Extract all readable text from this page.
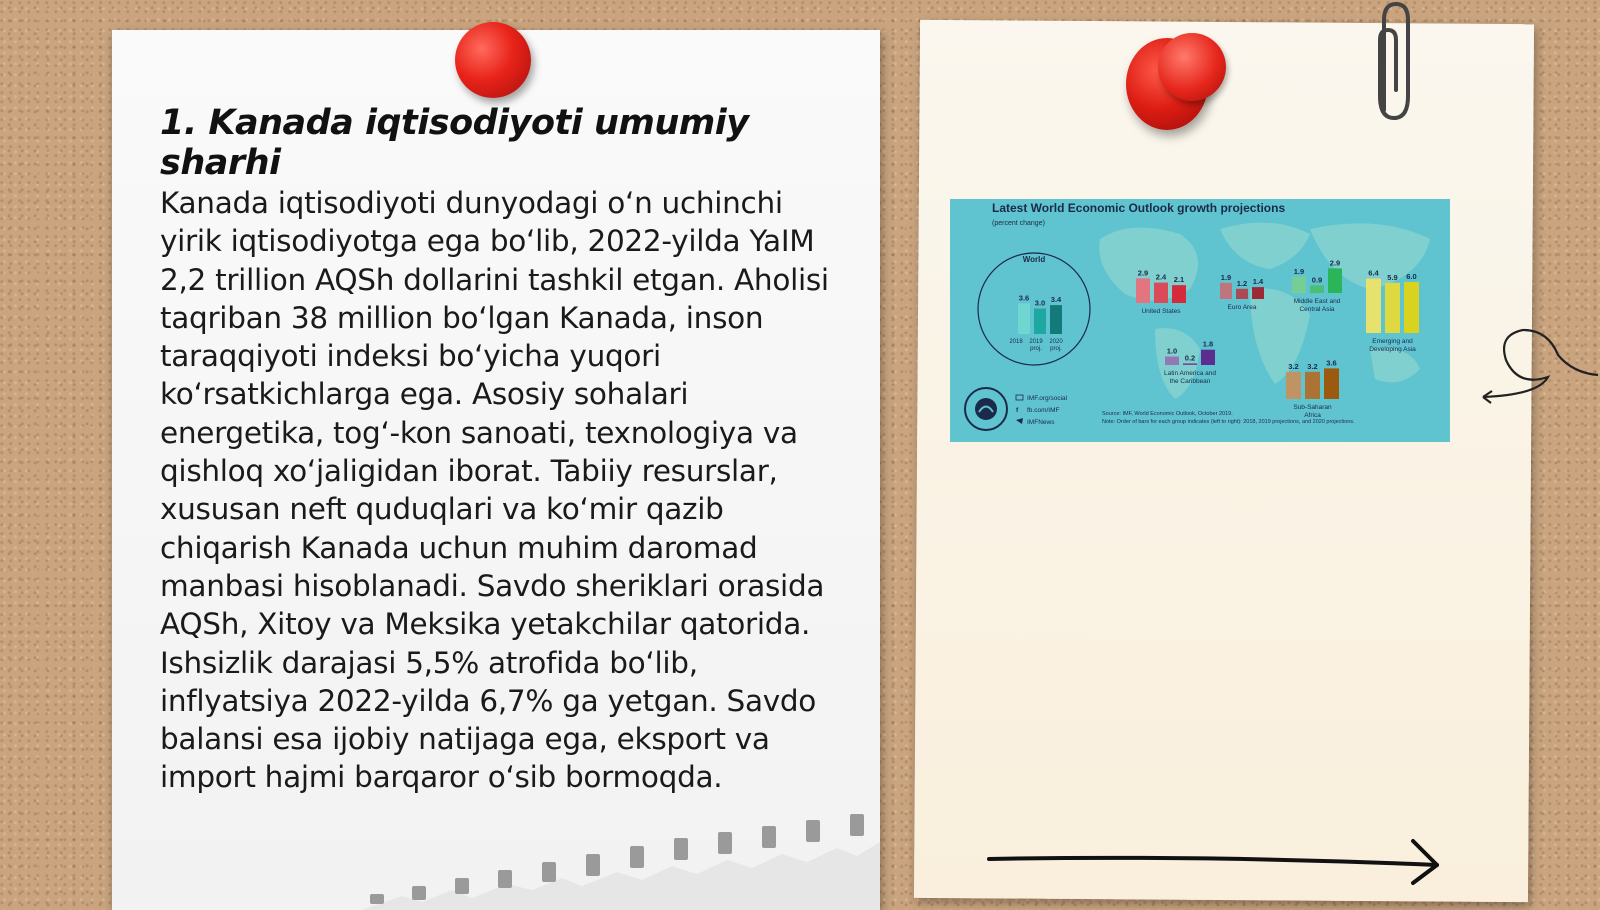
1. Kanada iqtisodiyoti umumiy sharhi

Kanada iqtisodiyoti dunyodagi oʻn uchinchi yirik iqtisodiyotga ega boʻlib, 2022-yilda YaIM 2,2 trillion AQSh dollarini tashkil etgan. Aholisi taqriban 38 million boʻlgan Kanada, inson taraqqiyoti indeksi boʻyicha yuqori koʻrsatkichlarga ega. Asosiy sohalari energetika, togʻ-kon sanoati, texnologiya va qishloq xoʻjaligidan iborat. Tabiiy resurslar, xususan neft quduqlari va koʻmir qazib chiqarish Kanada uchun muhim daromad manbasi hisoblanadi. Savdo sheriklari orasida AQSh, Xitoy va Meksika yetakchilar qatorida. Ishsizlik darajasi 5,5% atrofida boʻlib, inflyatsiya 2022-yilda 6,7% ga yetgan. Savdo balansi esa ijobiy natijaga ega, eksport va import hajmi barqaror oʻsib bormoqda.

Latest World Economic Outlook growth projections
(percent change)
World
3.6
2018
3.0
2019
3.4
2020
proj. proj.
2.9 2.4 2.1
United States
1.9
1.2 1.4
Euro Area
1.9
0.9
2.9
Middle East and Central Asia
6.4 5.9 6.0
Emerging and Developing Asia
1.0
0.2
1.8
Latin America and the Caribbean
3.2 3.2 3.6
Sub-Saharan Africa
IMF.org/social
f fb.com/IMF
IMFNews
Source: IMF, World Economic Outlook, October 2019.
Note: Order of bars for each group indicates (left to right): 2018, 2019 projections, and 2020 projections.
